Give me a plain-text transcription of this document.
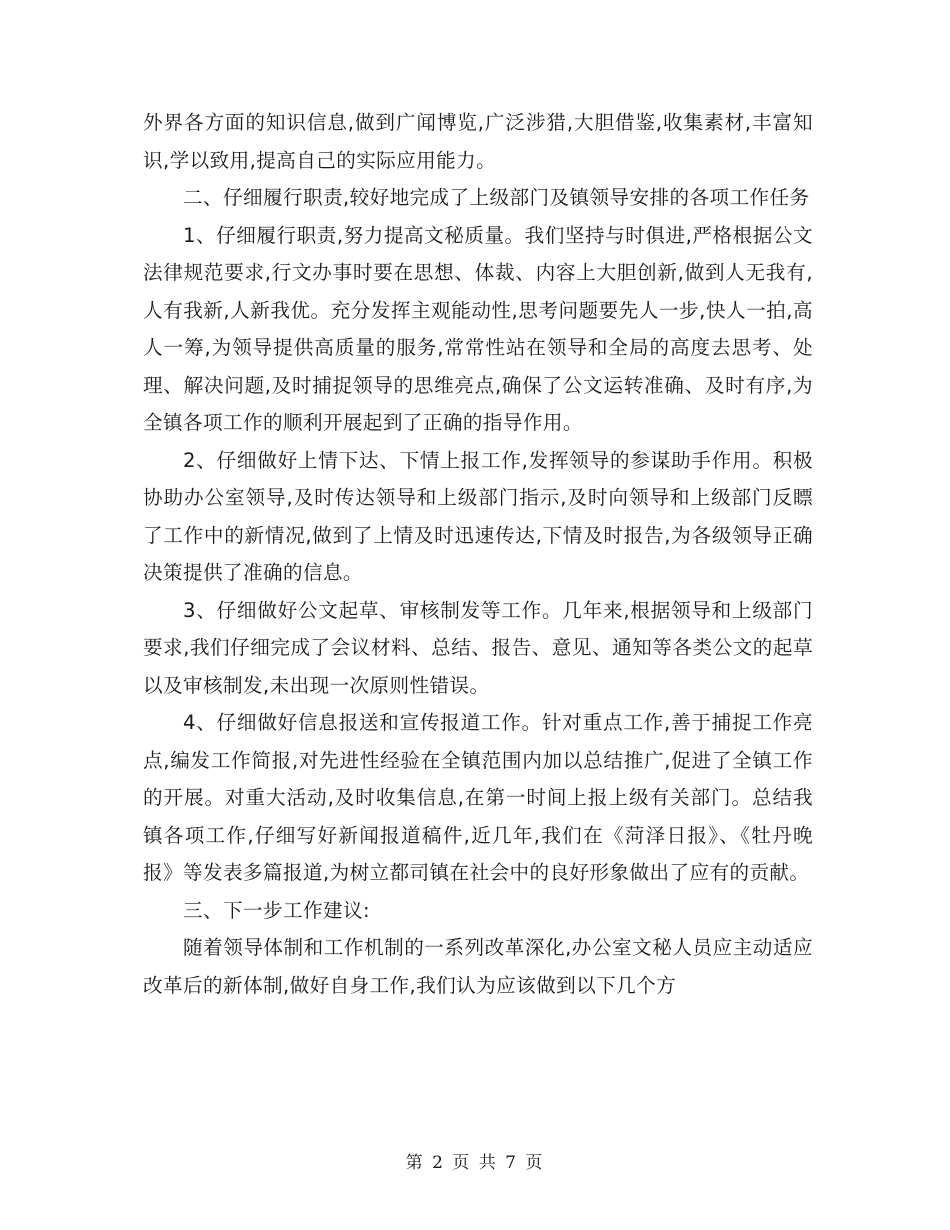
外界各方面的知识信息,做到广闻博览,广泛涉猎,大胆借鉴,收集素材,丰富知识,学以致用,提高自己的实际应用能力。

二、仔细履行职责,较好地完成了上级部门及镇领导安排的各项工作任务

1、仔细履行职责,努力提高文秘质量。我们坚持与时俱进,严格根据公文法律规范要求,行文办事时要在思想、体裁、内容上大胆创新,做到人无我有,人有我新,人新我优。充分发挥主观能动性,思考问题要先人一步,快人一拍,高人一筹,为领导提供高质量的服务,常常性站在领导和全局的高度去思考、处理、解决问题,及时捕捉领导的思维亮点,确保了公文运转准确、及时有序,为全镇各项工作的顺利开展起到了正确的指导作用。

2、仔细做好上情下达、下情上报工作,发挥领导的参谋助手作用。积极协助办公室领导,及时传达领导和上级部门指示,及时向领导和上级部门反瞟了工作中的新情况,做到了上情及时迅速传达,下情及时报告,为各级领导正确决策提供了准确的信息。

3、仔细做好公文起草、审核制发等工作。几年来,根据领导和上级部门要求,我们仔细完成了会议材料、总结、报告、意见、通知等各类公文的起草以及审核制发,未出现一次原则性错误。

4、仔细做好信息报送和宣传报道工作。针对重点工作,善于捕捉工作亮点,编发工作简报,对先进性经验在全镇范围内加以总结推广,促进了全镇工作的开展。对重大活动,及时收集信息,在第一时间上报上级有关部门。总结我镇各项工作,仔细写好新闻报道稿件,近几年,我们在《菏泽日报》、《牡丹晚报》等发表多篇报道,为树立都司镇在社会中的良好形象做出了应有的贡献。

三、下一步工作建议:

随着领导体制和工作机制的一系列改革深化,办公室文秘人员应主动适应改革后的新体制,做好自身工作,我们认为应该做到以下几个方

第 2 页 共 7 页
